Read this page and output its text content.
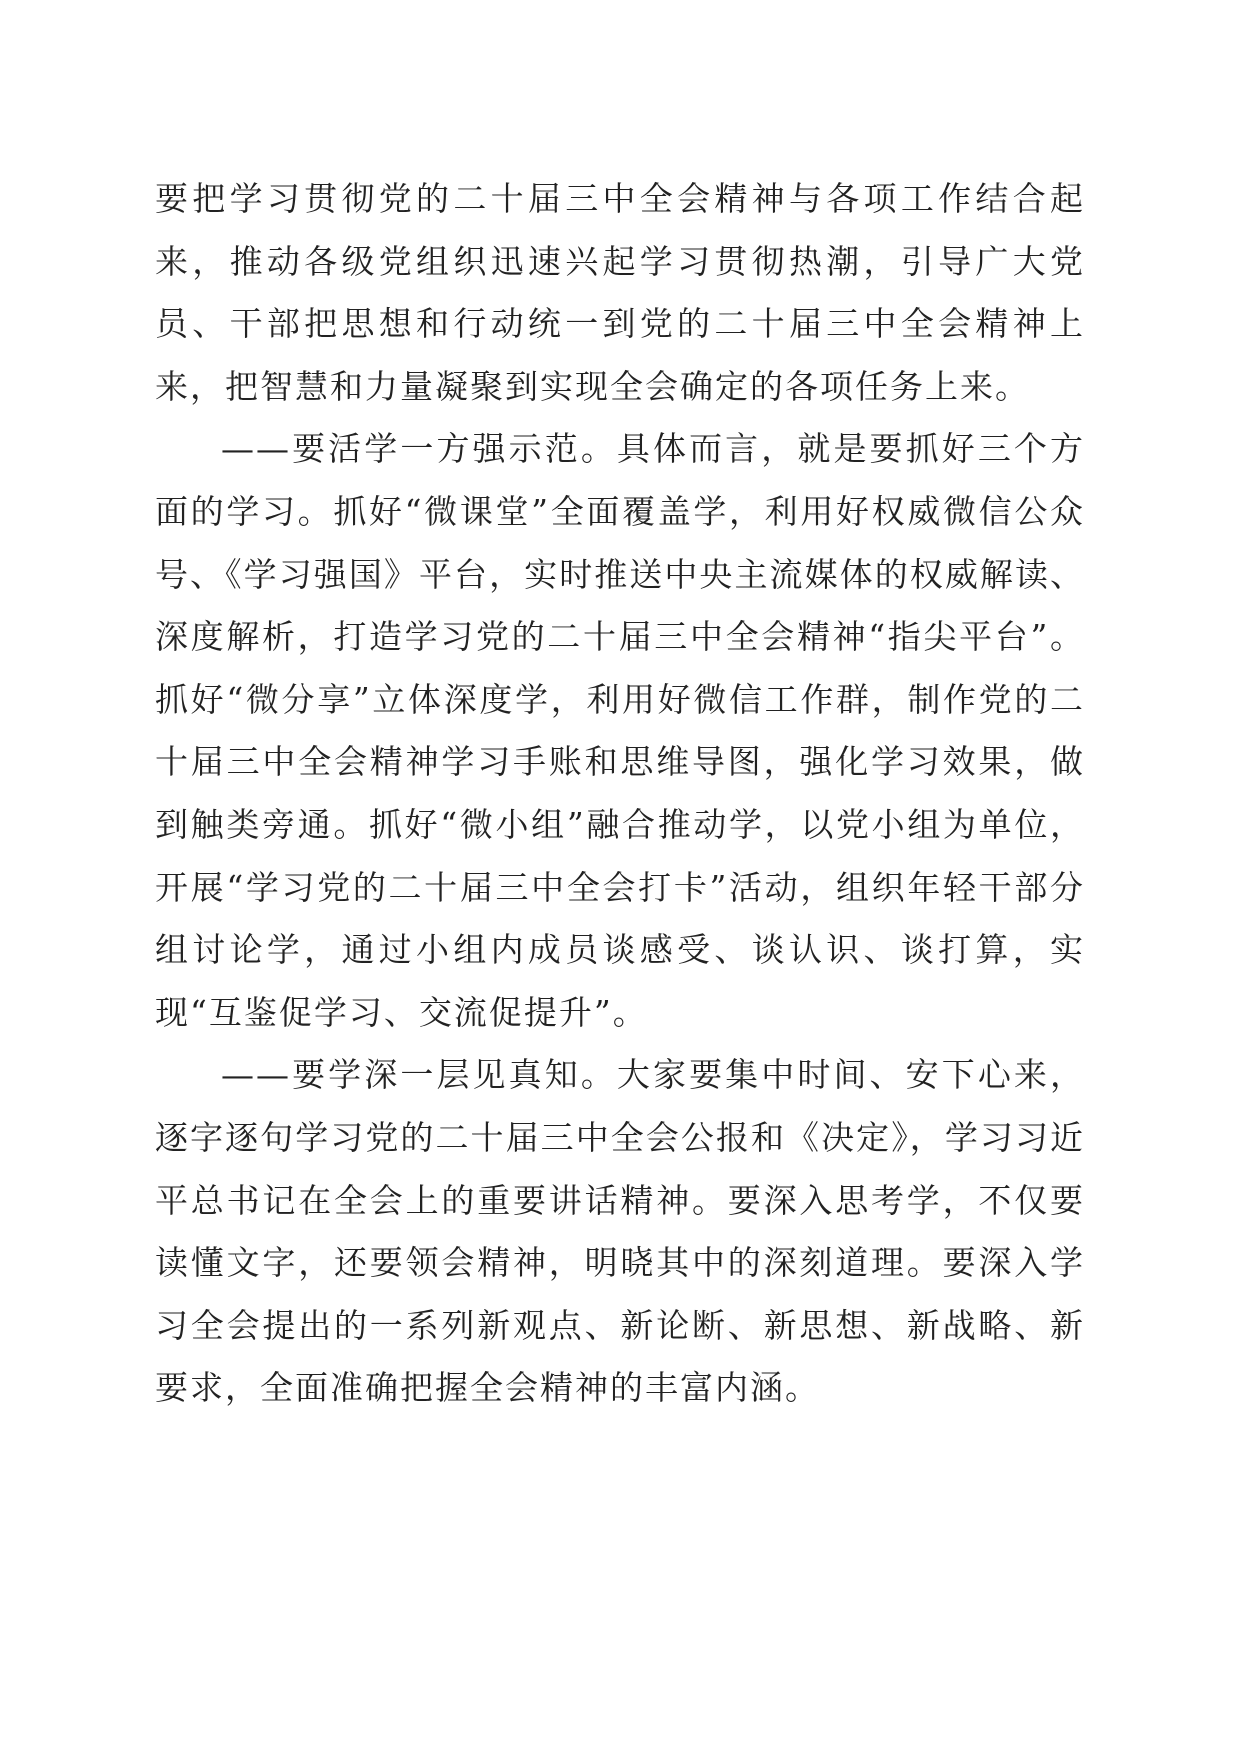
要把学习贯彻党的二十届三中全会精神与各项工作结合起来，推动各级党组织迅速兴起学习贯彻热潮，引导广大党员、干部把思想和行动统一到党的二十届三中全会精神上来，把智慧和力量凝聚到实现全会确定的各项任务上来。

——要活学一方强示范。具体而言，就是要抓好三个方面的学习。抓好“微课堂”全面覆盖学，利用好权威微信公众号、《学习强国》平台，实时推送中央主流媒体的权威解读、深度解析，打造学习党的二十届三中全会精神“指尖平台”。抓好“微分享”立体深度学，利用好微信工作群，制作党的二十届三中全会精神学习手账和思维导图，强化学习效果，做到触类旁通。抓好“微小组”融合推动学，以党小组为单位，开展“学习党的二十届三中全会打卡”活动，组织年轻干部分组讨论学，通过小组内成员谈感受、谈认识、谈打算，实现“互鉴促学习、交流促提升”。

——要学深一层见真知。大家要集中时间、安下心来，逐字逐句学习党的二十届三中全会公报和《决定》，学习习近平总书记在全会上的重要讲话精神。要深入思考学，不仅要读懂文字，还要领会精神，明晓其中的深刻道理。要深入学习全会提出的一系列新观点、新论断、新思想、新战略、新要求，全面准确把握全会精神的丰富内涵。
